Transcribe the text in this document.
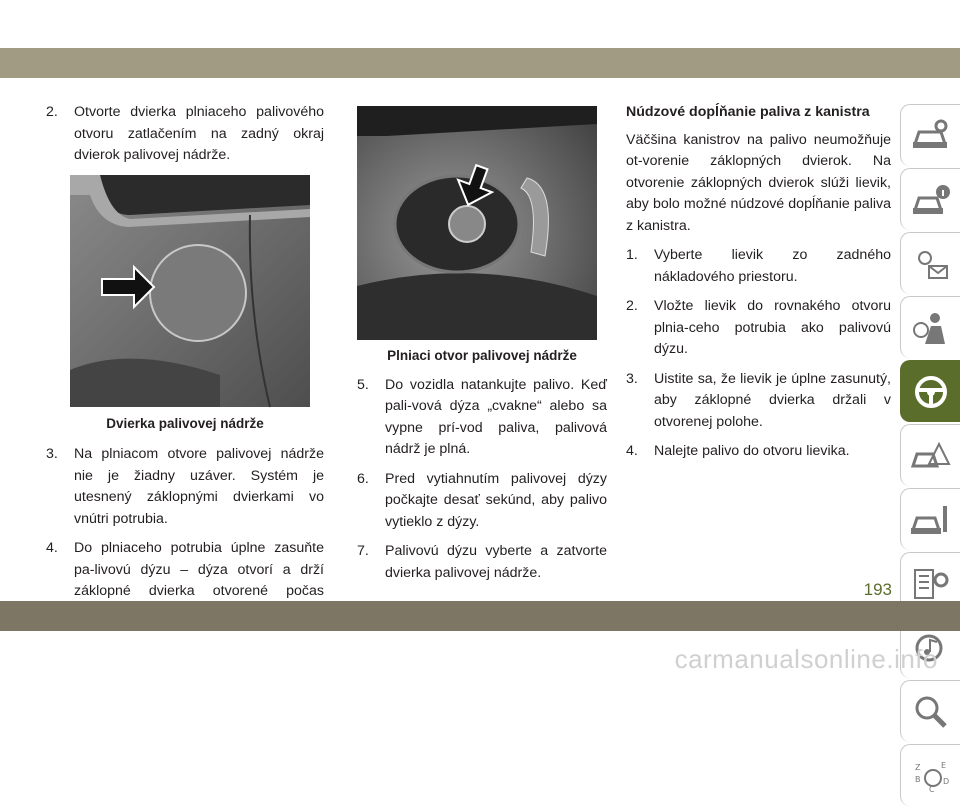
2.	Otvorte dvierka plniaceho palivového otvoru zatlačením na zadný okraj dvierok palivovej nádrže.
Dvierka palivovej nádrže
3.	Na plniacom otvore palivovej nádrže nie je žiadny uzáver. Systém je utesnený záklopnými dvierkami vo vnútri potrubia.
4.	Do plniaceho potrubia úplne zasuňte pa-livovú dýzu – dýza otvorí a drží záklopné dvierka otvorené počas
Plniaci otvor palivovej nádrže
5.	Do vozidla natankujte palivo. Keď pali-vová dýza „cvakne“ alebo sa vypne prí-vod paliva, palivová nádrž je plná.
6.	Pred vytiahnutím palivovej dýzy počkajte desať sekúnd, aby palivo vytieklo z dýzy.
7.	Palivovú dýzu vyberte a zatvorte dvierka palivovej nádrže.
Núdzové dopĺňanie paliva z kanistra
Väčšina kanistrov na palivo neumožňuje ot-vorenie záklopných dvierok. Na otvorenie záklopných dvierok slúži lievik, aby bolo možné núdzové dopĺňanie paliva z kanistra.
1.	Vyberte lievik zo zadného nákladového priestoru.
2.	Vložte lievik do rovnakého otvoru plnia-ceho potrubia ako palivovú dýzu.
3.	Uistite sa, že lievik je úplne zasunutý, aby záklopné dvierka držali v otvorenej polohe.
4.	Nalejte palivo do otvoru lievika.
Z	E
B	D
C
193
carmanualsonline.info
